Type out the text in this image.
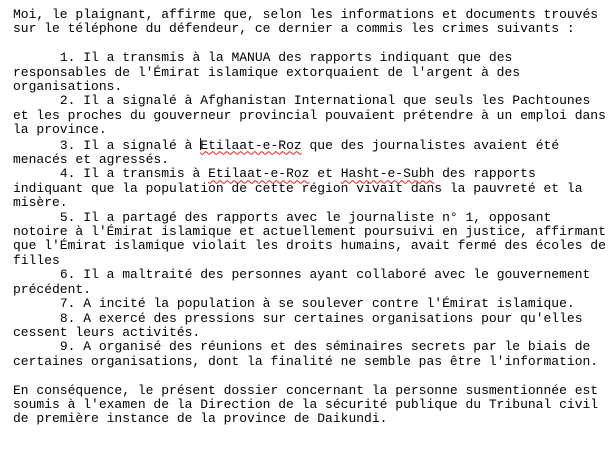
Moi, le plaignant, affirme que, selon les informations et documents trouvés sur le téléphone du défendeur, ce dernier a commis les crimes suivants :

1. Il a transmis à la MANUA des rapports indiquant que des responsables de l'Émirat islamique extorquaient de l'argent à des organisations.

2. Il a signalé à Afghanistan International que seuls les Pachtounes et les proches du gouverneur provincial pouvaient prétendre à un emploi dans la province.

3. Il a signalé à Etilaat-e-Roz que des journalistes avaient été menacés et agressés.

4. Il a transmis à Etilaat-e-Roz et Hasht-e-Subh des rapports indiquant que la population de cette région vivait dans la pauvreté et la misère.

5. Il a partagé des rapports avec le journaliste n° 1, opposant notoire à l'Émirat islamique et actuellement poursuivi en justice, affirmant que l'Émirat islamique violait les droits humains, avait fermé des écoles de filles

6. Il a maltraité des personnes ayant collaboré avec le gouvernement précédent.

7. A incité la population à se soulever contre l'Émirat islamique.

8. A exercé des pressions sur certaines organisations pour qu'elles cessent leurs activités.

9. A organisé des réunions et des séminaires secrets par le biais de certaines organisations, dont la finalité ne semble pas être l'information.

En conséquence, le présent dossier concernant la personne susmentionnée est soumis à l'examen de la Direction de la sécurité publique du Tribunal civil de première instance de la province de Daikundi.
